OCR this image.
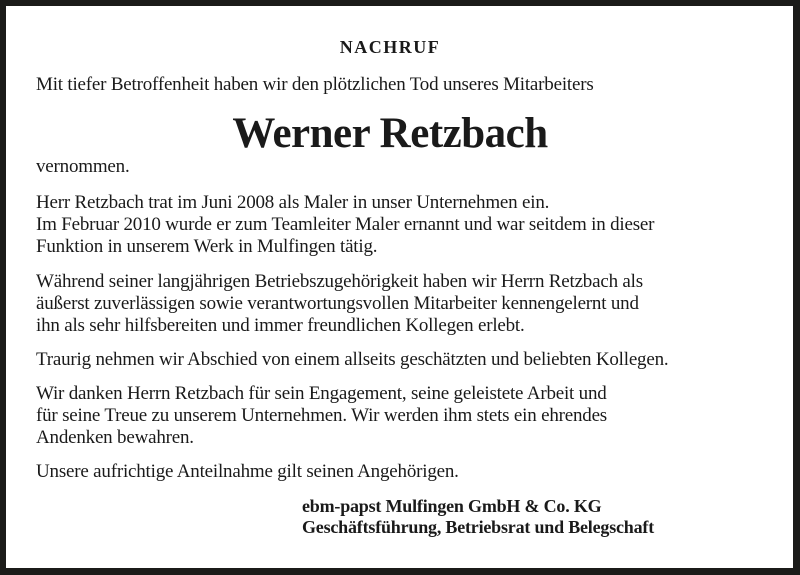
NACHRUF
Mit tiefer Betroffenheit haben wir den plötzlichen Tod unseres Mitarbeiters
Werner Retzbach
vernommen.
Herr Retzbach trat im Juni 2008 als Maler in unser Unternehmen ein.
Im Februar 2010 wurde er zum Teamleiter Maler ernannt und war seitdem in dieser
Funktion in unserem Werk in Mulfingen tätig.
Während seiner langjährigen Betriebszugehörigkeit haben wir Herrn Retzbach als
äußerst zuverlässigen sowie verantwortungsvollen Mitarbeiter kennengelernt und
ihn als sehr hilfsbereiten und immer freundlichen Kollegen erlebt.
Traurig nehmen wir Abschied von einem allseits geschätzten und beliebten Kollegen.
Wir danken Herrn Retzbach für sein Engagement, seine geleistete Arbeit und
für seine Treue zu unserem Unternehmen. Wir werden ihm stets ein ehrendes
Andenken bewahren.
Unsere aufrichtige Anteilnahme gilt seinen Angehörigen.
ebm-papst Mulfingen GmbH & Co. KG
Geschäftsführung, Betriebsrat und Belegschaft
